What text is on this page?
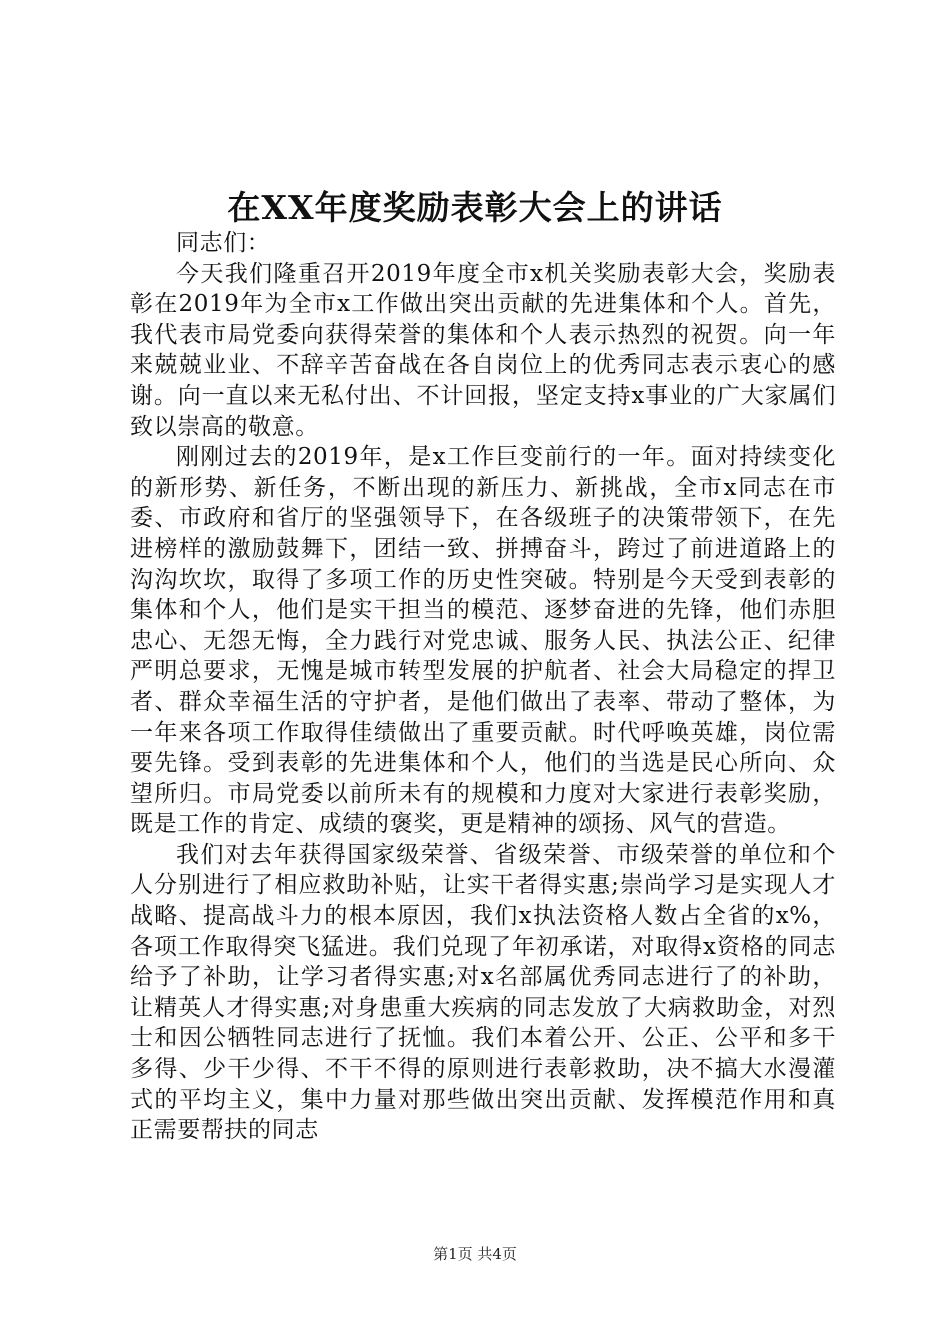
在XX年度奖励表彰大会上的讲话

同志们：

今天我们隆重召开2019年度全市x机关奖励表彰大会，奖励表彰在2019年为全市x工作做出突出贡献的先进集体和个人。首先，我代表市局党委向获得荣誉的集体和个人表示热烈的祝贺。向一年来兢兢业业、不辞辛苦奋战在各自岗位上的优秀同志表示衷心的感谢。向一直以来无私付出、不计回报，坚定支持x事业的广大家属们致以崇高的敬意。

刚刚过去的2019年，是x工作巨变前行的一年。面对持续变化的新形势、新任务，不断出现的新压力、新挑战，全市x同志在市委、市政府和省厅的坚强领导下，在各级班子的决策带领下，在先进榜样的激励鼓舞下，团结一致、拼搏奋斗，跨过了前进道路上的沟沟坎坎，取得了多项工作的历史性突破。特别是今天受到表彰的集体和个人，他们是实干担当的模范、逐梦奋进的先锋，他们赤胆忠心、无怨无悔，全力践行对党忠诚、服务人民、执法公正、纪律严明总要求，无愧是城市转型发展的护航者、社会大局稳定的捍卫者、群众幸福生活的守护者，是他们做出了表率、带动了整体，为一年来各项工作取得佳绩做出了重要贡献。时代呼唤英雄，岗位需要先锋。受到表彰的先进集体和个人，他们的当选是民心所向、众望所归。市局党委以前所未有的规模和力度对大家进行表彰奖励，既是工作的肯定、成绩的褒奖，更是精神的颂扬、风气的营造。

我们对去年获得国家级荣誉、省级荣誉、市级荣誉的单位和个人分别进行了相应救助补贴，让实干者得实惠;崇尚学习是实现人才战略、提高战斗力的根本原因，我们x执法资格人数占全省的x%，各项工作取得突飞猛进。我们兑现了年初承诺，对取得x资格的同志给予了补助，让学习者得实惠;对x名部属优秀同志进行了的补助，让精英人才得实惠;对身患重大疾病的同志发放了大病救助金，对烈士和因公牺牲同志进行了抚恤。我们本着公开、公正、公平和多干多得、少干少得、不干不得的原则进行表彰救助，决不搞大水漫灌式的平均主义，集中力量对那些做出突出贡献、发挥模范作用和真正需要帮扶的同志

第1页 共4页
